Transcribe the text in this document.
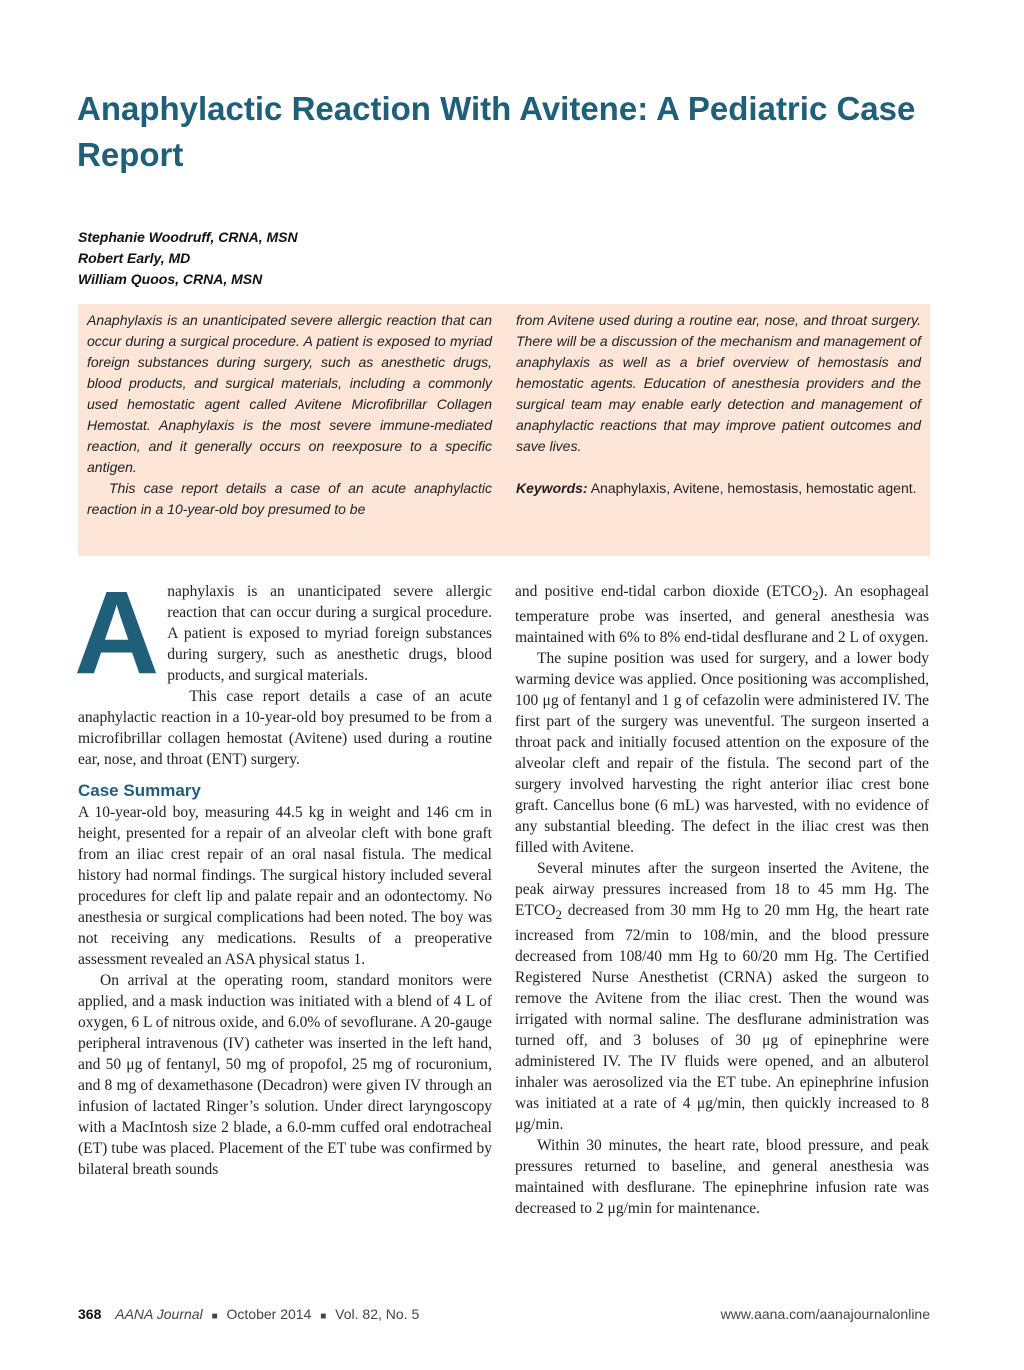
Anaphylactic Reaction With Avitene: A Pediatric Case Report
Stephanie Woodruff, CRNA, MSN
Robert Early, MD
William Quoos, CRNA, MSN

Anaphylaxis is an unanticipated severe allergic reaction that can occur during a surgical procedure. A patient is exposed to myriad foreign substances during surgery, such as anesthetic drugs, blood products, and surgical materials, including a commonly used hemostatic agent called Avitene Microfibrillar Collagen Hemostat. Anaphylaxis is the most severe immune-mediated reaction, and it generally occurs on reexposure to a specific antigen.

This case report details a case of an acute anaphylactic reaction in a 10-year-old boy presumed to be

from Avitene used during a routine ear, nose, and throat surgery. There will be a discussion of the mechanism and management of anaphylaxis as well as a brief overview of hemostasis and hemostatic agents. Education of anesthesia providers and the surgical team may enable early detection and management of anaphylactic reactions that may improve patient outcomes and save lives.

Keywords: Anaphylaxis, Avitene, hemostasis, hemostatic agent.

Anaphylaxis is an unanticipated severe allergic reaction that can occur during a surgical procedure. A patient is exposed to myriad foreign substances during surgery, such as anesthetic drugs, blood products, and surgical materials.

This case report details a case of an acute anaphylactic reaction in a 10-year-old boy presumed to be from a microfibrillar collagen hemostat (Avitene) used during a routine ear, nose, and throat (ENT) surgery.

Case Summary

A 10-year-old boy, measuring 44.5 kg in weight and 146 cm in height, presented for a repair of an alveolar cleft with bone graft from an iliac crest repair of an oral nasal fistula. The medical history had normal findings. The surgical history included several procedures for cleft lip and palate repair and an odontectomy. No anesthesia or surgical complications had been noted. The boy was not receiving any medications. Results of a preoperative assessment revealed an ASA physical status 1.

On arrival at the operating room, standard monitors were applied, and a mask induction was initiated with a blend of 4 L of oxygen, 6 L of nitrous oxide, and 6.0% of sevoflurane. A 20-gauge peripheral intravenous (IV) catheter was inserted in the left hand, and 50 μg of fentanyl, 50 mg of propofol, 25 mg of rocuronium, and 8 mg of dexamethasone (Decadron) were given IV through an infusion of lactated Ringer’s solution. Under direct laryngoscopy with a MacIntosh size 2 blade, a 6.0-mm cuffed oral endotracheal (ET) tube was placed. Placement of the ET tube was confirmed by bilateral breath sounds

and positive end-tidal carbon dioxide $(ETCO_2)$. An esophageal temperature probe was inserted, and general anesthesia was maintained with 6% to 8% end-tidal desflurane and 2 L of oxygen.

The supine position was used for surgery, and a lower body warming device was applied. Once positioning was accomplished, 100 μg of fentanyl and 1 g of cefazolin were administered IV. The first part of the surgery was uneventful. The surgeon inserted a throat pack and initially focused attention on the exposure of the alveolar cleft and repair of the fistula. The second part of the surgery involved harvesting the right anterior iliac crest bone graft. Cancellus bone (6 mL) was harvested, with no evidence of any substantial bleeding. The defect in the iliac crest was then filled with Avitene.

Several minutes after the surgeon inserted the Avitene, the peak airway pressures increased from 18 to 45 mm Hg. The $ETCO_2$ decreased from 30 mm Hg to 20 mm Hg, the heart rate increased from 72/min to 108/min, and the blood pressure decreased from 108/40 mm Hg to 60/20 mm Hg. The Certified Registered Nurse Anesthetist (CRNA) asked the surgeon to remove the Avitene from the iliac crest. Then the wound was irrigated with normal saline. The desflurane administration was turned off, and 3 boluses of 30 μg of epinephrine were administered IV. The IV fluids were opened, and an albuterol inhaler was aerosolized via the ET tube. An epinephrine infusion was initiated at a rate of 4 μg/min, then quickly increased to 8 μg/min.

Within 30 minutes, the heart rate, blood pressure, and peak pressures returned to baseline, and general anesthesia was maintained with desflurane. The epinephrine infusion rate was decreased to 2 μg/min for maintenance.

368 AANA Journal ■ October 2014 ■ Vol. 82, No. 5	www.aana.com/aanajournalonline
